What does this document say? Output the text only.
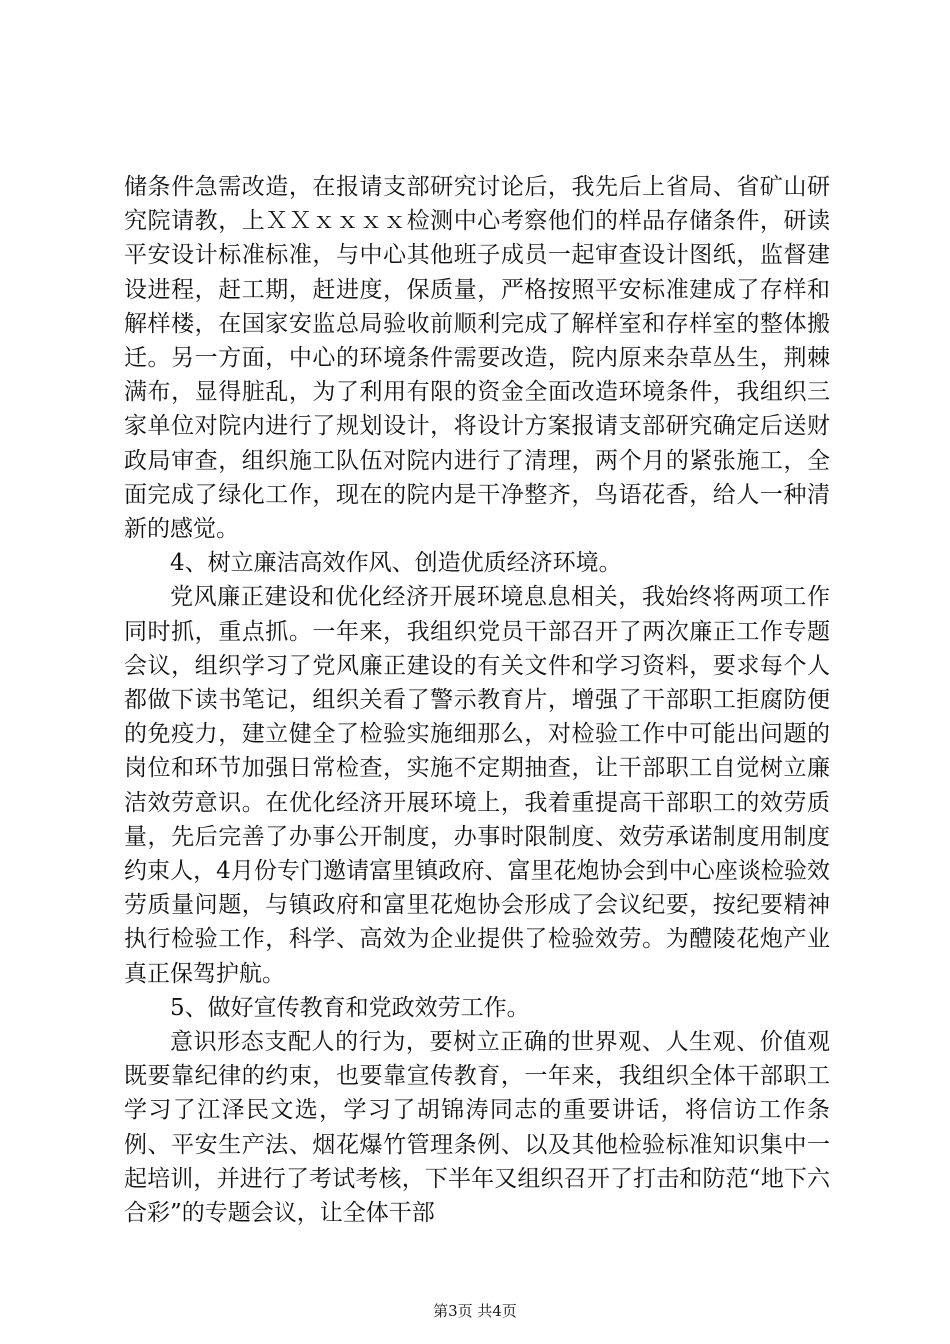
储条件急需改造，在报请支部研究讨论后，我先后上省局、省矿山研究院请教，上ＸＸｘｘｘｘ检测中心考察他们的样品存储条件，研读平安设计标准标准，与中心其他班子成员一起审查设计图纸，监督建设进程，赶工期，赶进度，保质量，严格按照平安标准建成了存样和解样楼，在国家安监总局验收前顺利完成了解样室和存样室的整体搬迁。另一方面，中心的环境条件需要改造，院内原来杂草丛生，荆棘满布，显得脏乱，为了利用有限的资金全面改造环境条件，我组织三家单位对院内进行了规划设计，将设计方案报请支部研究确定后送财政局审查，组织施工队伍对院内进行了清理，两个月的紧张施工，全面完成了绿化工作，现在的院内是干净整齐，鸟语花香，给人一种清新的感觉。

4、树立廉洁高效作风、创造优质经济环境。

党风廉正建设和优化经济开展环境息息相关，我始终将两项工作同时抓，重点抓。一年来，我组织党员干部召开了两次廉正工作专题会议，组织学习了党风廉正建设的有关文件和学习资料，要求每个人都做下读书笔记，组织关看了警示教育片，增强了干部职工拒腐防便的免疫力，建立健全了检验实施细那么，对检验工作中可能出问题的岗位和环节加强日常检查，实施不定期抽查，让干部职工自觉树立廉洁效劳意识。在优化经济开展环境上，我着重提高干部职工的效劳质量，先后完善了办事公开制度，办事时限制度、效劳承诺制度用制度约束人，4月份专门邀请富里镇政府、富里花炮协会到中心座谈检验效劳质量问题，与镇政府和富里花炮协会形成了会议纪要，按纪要精神执行检验工作，科学、高效为企业提供了检验效劳。为醴陵花炮产业真正保驾护航。

5、做好宣传教育和党政效劳工作。

意识形态支配人的行为，要树立正确的世界观、人生观、价值观既要靠纪律的约束，也要靠宣传教育，一年来，我组织全体干部职工学习了江泽民文选，学习了胡锦涛同志的重要讲话，将信访工作条例、平安生产法、烟花爆竹管理条例、以及其他检验标准知识集中一起培训，并进行了考试考核，下半年又组织召开了打击和防范“地下六合彩”的专题会议，让全体干部

第3页 共4页
